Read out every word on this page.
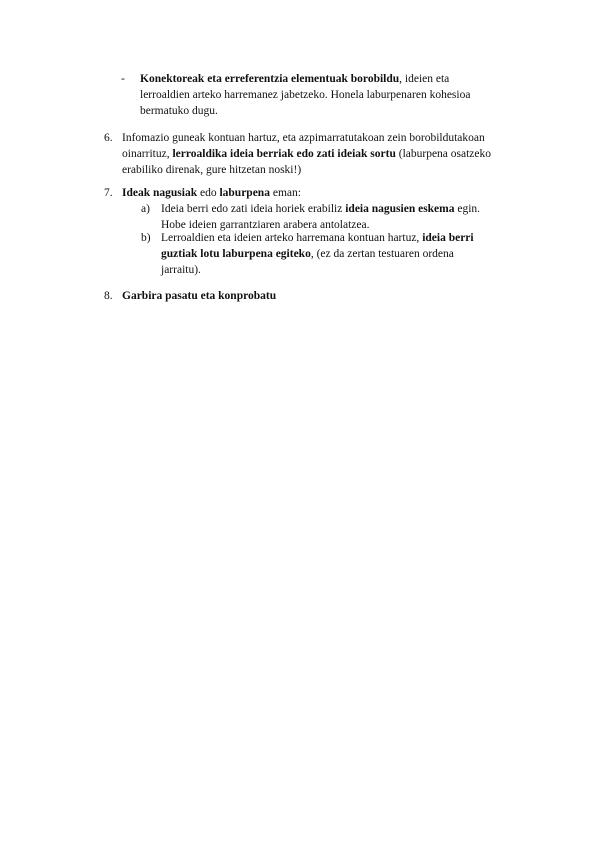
- Konektoreak eta erreferentzia elementuak borobildu, ideien eta

lerroaldien arteko harremanez jabetzeko. Honela laburpenaren kohesioa

bermatuko dugu.

6. Infomazio guneak kontuan hartuz, eta azpimarratutakoan zein borobildutakoan

oinarrituz, lerroaldika ideia berriak edo zati ideiak sortu (laburpena osatzeko

erabiliko direnak, gure hitzetan noski!)

7. Ideak nagusiak edo laburpena eman:

a) Ideia berri edo zati ideia horiek erabiliz ideia nagusien eskema egin.

Hobe ideien garrantziaren arabera antolatzea.

b) Lerroaldien eta ideien arteko harremana kontuan hartuz, ideia berri

guztiak lotu laburpena egiteko, (ez da zertan testuaren ordena

jarraitu).

8. Garbira pasatu eta konprobatu
